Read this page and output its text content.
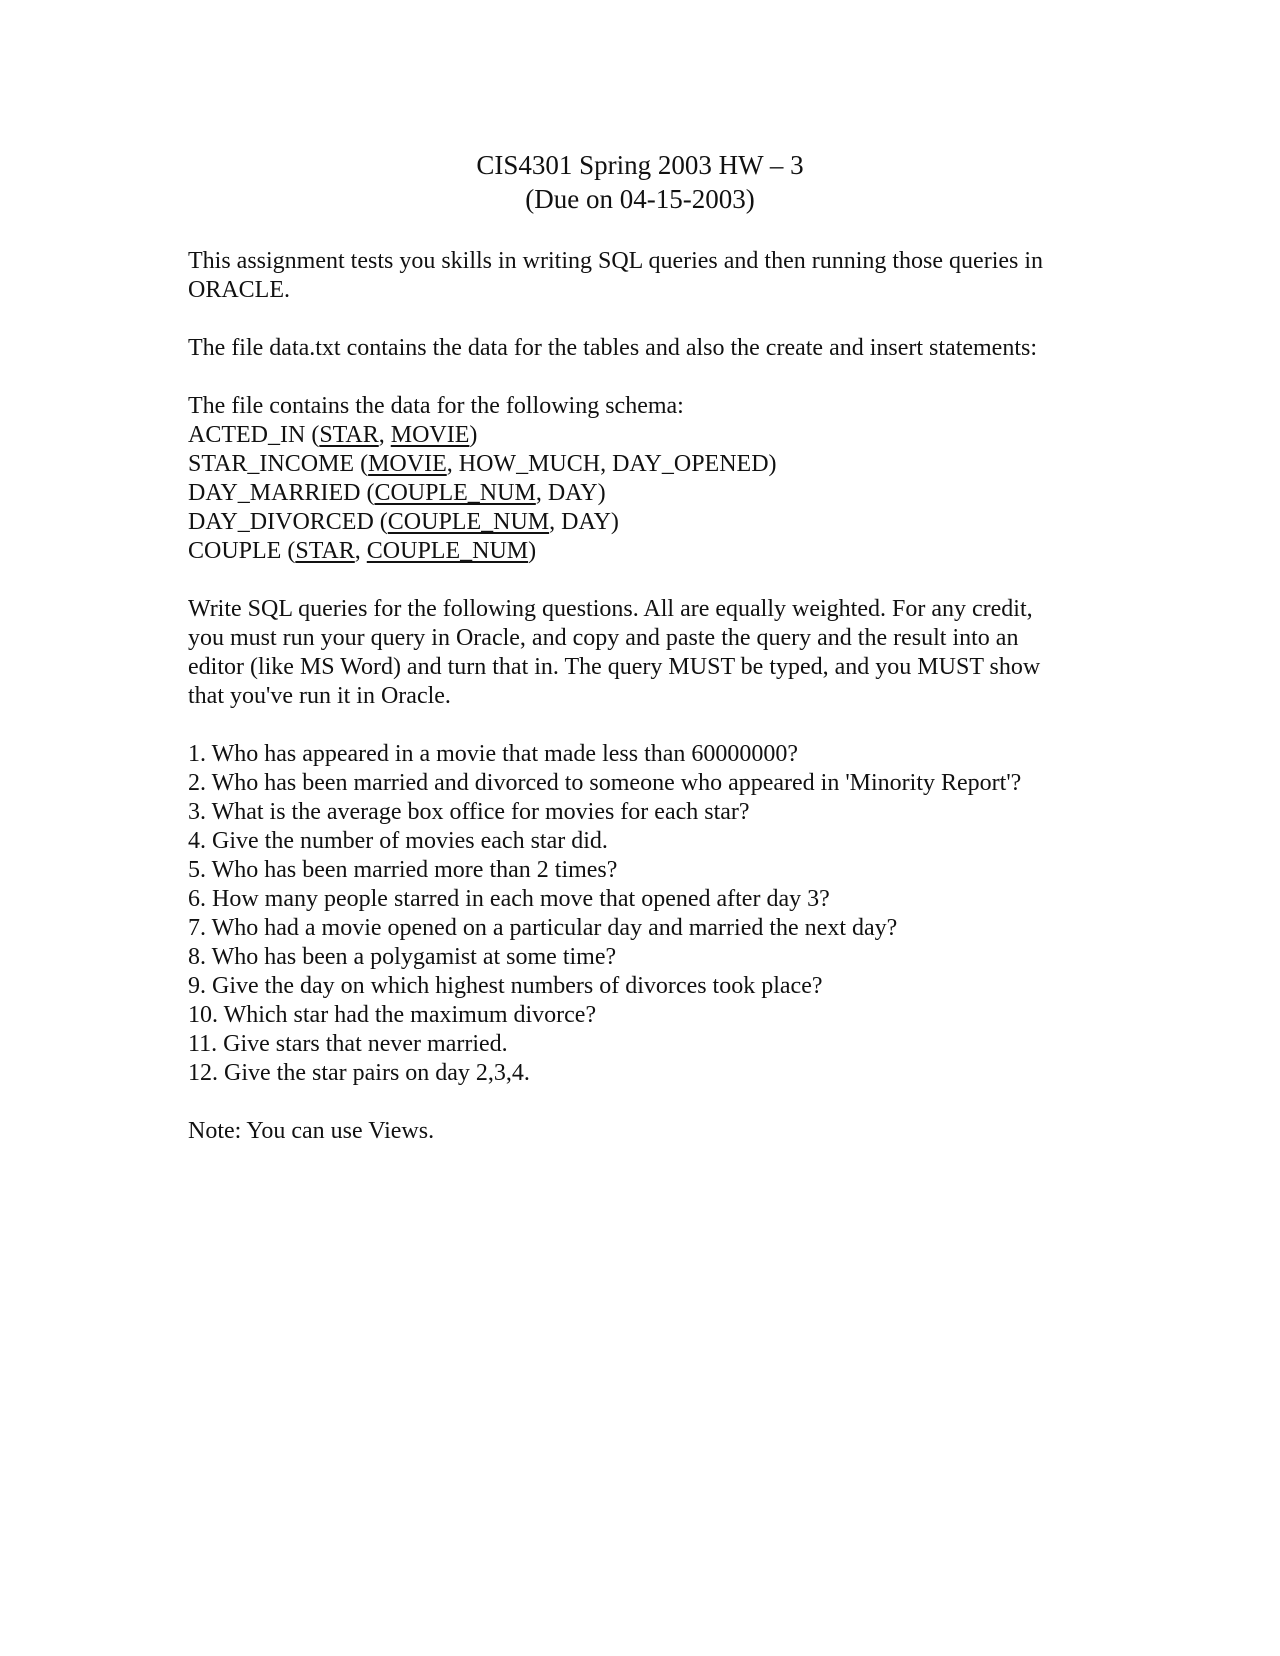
CIS4301 Spring 2003 HW – 3
(Due on 04-15-2003)

This assignment tests you skills in writing SQL queries and then running those queries in
ORACLE.

The file data.txt contains the data for the tables and also the create and insert statements:

The file contains the data for the following schema:
ACTED_IN (STAR, MOVIE)
STAR_INCOME (MOVIE, HOW_MUCH, DAY_OPENED)
DAY_MARRIED (COUPLE_NUM, DAY)
DAY_DIVORCED (COUPLE_NUM, DAY)
COUPLE (STAR, COUPLE_NUM)

Write SQL queries for the following questions. All are equally weighted. For any credit,
you must run your query in Oracle, and copy and paste the query and the result into an
editor (like MS Word) and turn that in. The query MUST be typed, and you MUST show
that you've run it in Oracle.

1. Who has appeared in a movie that made less than 60000000?
2. Who has been married and divorced to someone who appeared in 'Minority Report'?
3. What is the average box office for movies for each star?
4. Give the number of movies each star did.
5. Who has been married more than 2 times?
6. How many people starred in each move that opened after day 3?
7. Who had a movie opened on a particular day and married the next day?
8. Who has been a polygamist at some time?
9. Give the day on which highest numbers of divorces took place?
10. Which star had the maximum divorce?
11. Give stars that never married.
12. Give the star pairs on day 2,3,4.

Note: You can use Views.
